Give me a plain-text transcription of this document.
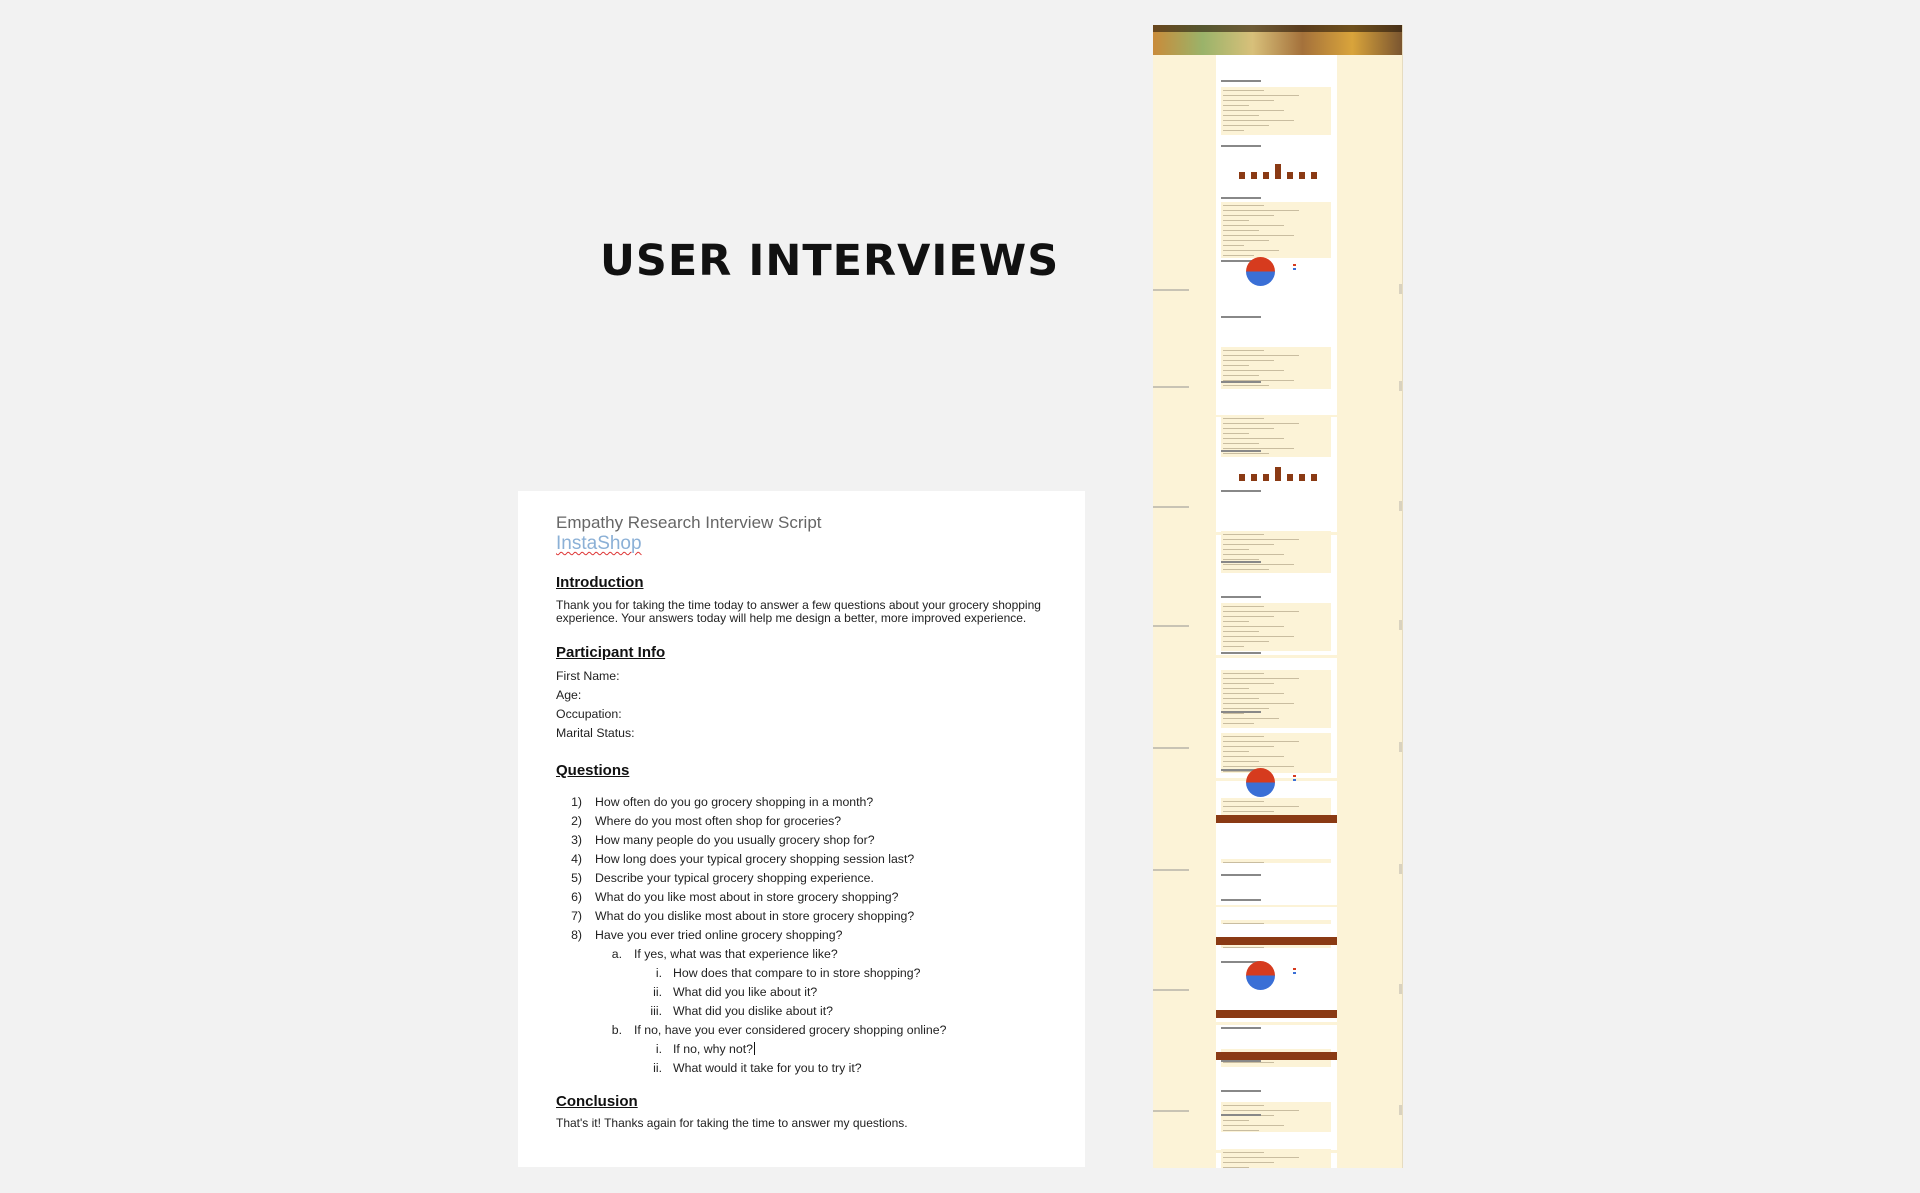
USER INTERVIEWS
Empathy Research Interview Script
InstaShop
Introduction
Thank you for taking the time today to answer a few questions about your grocery shopping experience. Your answers today will help me design a better, more improved experience.
Participant Info
First Name:
Age:
Occupation:
Marital Status:
Questions
1) How often do you go grocery shopping in a month?
2) Where do you most often shop for groceries?
3) How many people do you usually grocery shop for?
4) How long does your typical grocery shopping session last?
5) Describe your typical grocery shopping experience.
6) What do you like most about in store grocery shopping?
7) What do you dislike most about in store grocery shopping?
8) Have you ever tried online grocery shopping?
a. If yes, what was that experience like?
i. How does that compare to in store shopping?
ii. What did you like about it?
iii. What did you dislike about it?
b. If no, have you ever considered grocery shopping online?
i. If no, why not?
ii. What would it take for you to try it?
Conclusion
That's it! Thanks again for taking the time to answer my questions.
